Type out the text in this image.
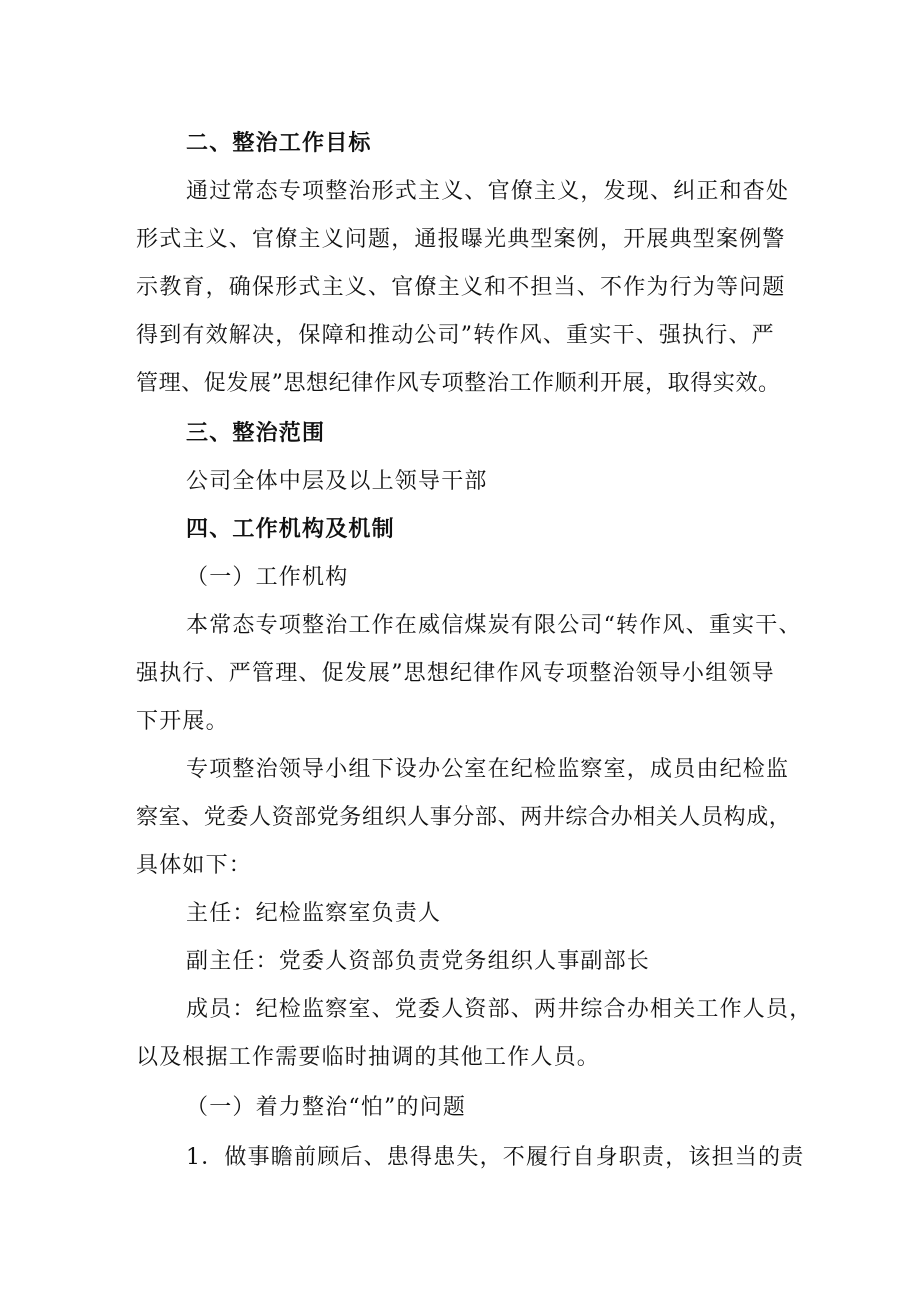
二、整治工作目标

通过常态专项整治形式主义、官僚主义，发现、纠正和杳处

形式主义、官僚主义问题，通报曝光典型案例，开展典型案例警

示教育，确保形式主义、官僚主义和不担当、不作为行为等问题

得到有效解决，保障和推动公司”转作风、重实干、强执行、严

管理、促发展”思想纪律作风专项整治工作顺利开展，取得实效。

三、整治范围

公司全体中层及以上领导干部

四、工作机构及机制

（一）工作机构

本常态专项整治工作在威信煤炭有限公司“转作风、重实干、

强执行、严管理、促发展”思想纪律作风专项整治领导小组领导

下开展。

专项整治领导小组下设办公室在纪检监察室，成员由纪检监

察室、党委人资部党务组织人事分部、两井综合办相关人员构成，

具体如下：

主任：纪检监察室负责人

副主任：党委人资部负责党务组织人事副部长

成员：纪检监察室、党委人资部、两井综合办相关工作人员，

以及根据工作需要临时抽调的其他工作人员。

（一）着力整治“怕”的问题

1．做事瞻前顾后、患得患失，不履行自身职责，该担当的责
